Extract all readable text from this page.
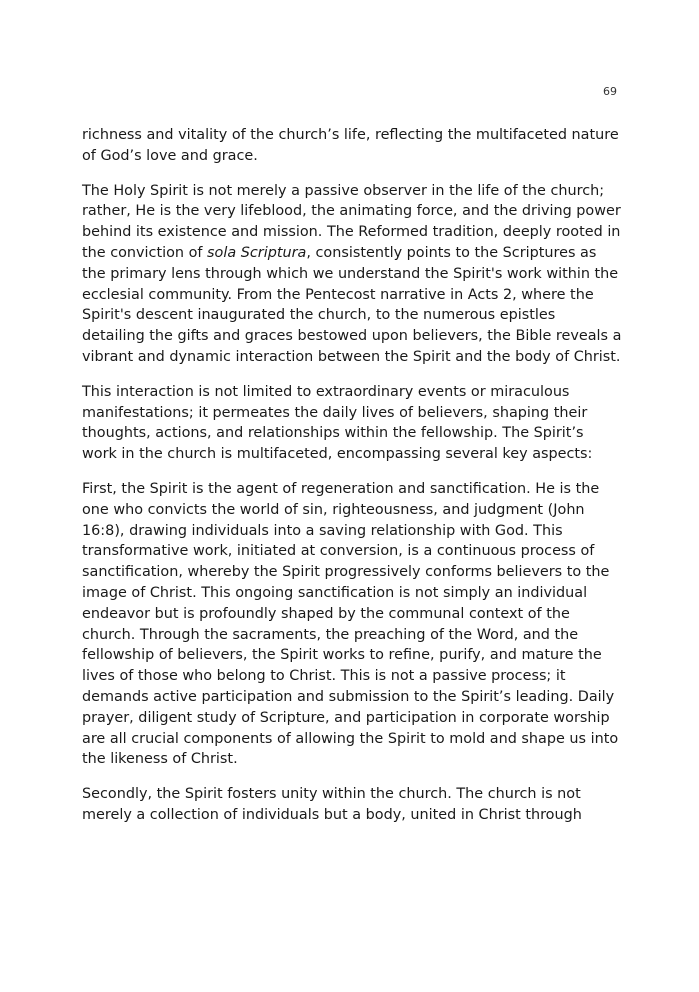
69

richness and vitality of the church’s life, reflecting the multifaceted nature of God’s love and grace.

The Holy Spirit is not merely a passive observer in the life of the church; rather, He is the very lifeblood, the animating force, and the driving power behind its existence and mission. The Reformed tradition, deeply rooted in the conviction of sola Scriptura, consistently points to the Scriptures as the primary lens through which we understand the Spirit's work within the ecclesial community. From the Pentecost narrative in Acts 2, where the Spirit's descent inaugurated the church, to the numerous epistles detailing the gifts and graces bestowed upon believers, the Bible reveals a vibrant and dynamic interaction between the Spirit and the body of Christ.

This interaction is not limited to extraordinary events or miraculous manifestations; it permeates the daily lives of believers, shaping their thoughts, actions, and relationships within the fellowship. The Spirit’s work in the church is multifaceted, encompassing several key aspects:

First, the Spirit is the agent of regeneration and sanctification. He is the one who convicts the world of sin, righteousness, and judgment (John 16:8), drawing individuals into a saving relationship with God. This transformative work, initiated at conversion, is a continuous process of sanctification, whereby the Spirit progressively conforms believers to the image of Christ. This ongoing sanctification is not simply an individual endeavor but is profoundly shaped by the communal context of the church. Through the sacraments, the preaching of the Word, and the fellowship of believers, the Spirit works to refine, purify, and mature the lives of those who belong to Christ. This is not a passive process; it demands active participation and submission to the Spirit’s leading. Daily prayer, diligent study of Scripture, and participation in corporate worship are all crucial components of allowing the Spirit to mold and shape us into the likeness of Christ.

Secondly, the Spirit fosters unity within the church. The church is not merely a collection of individuals but a body, united in Christ through
